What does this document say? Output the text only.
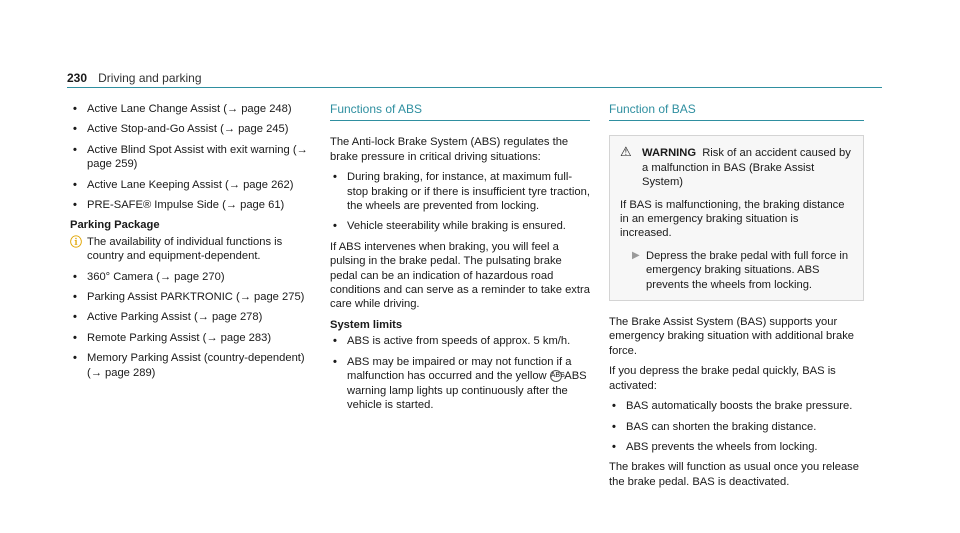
230 Driving and parking
• Active Lane Change Assist (→ page 248)
• Active Stop-and-Go Assist (→ page 245)
• Active Blind Spot Assist with exit warning (→ page 259)
• Active Lane Keeping Assist (→ page 262)
• PRE-SAFE® Impulse Side (→ page 61)
Parking Package
ⓘ The availability of individual functions is country and equipment-dependent.
• 360° Camera (→ page 270)
• Parking Assist PARKTRONIC (→ page 275)
• Active Parking Assist (→ page 278)
• Remote Parking Assist (→ page 283)
• Memory Parking Assist (country-dependent) (→ page 289)
Functions of ABS

The Anti-lock Brake System (ABS) regulates the brake pressure in critical driving situations:

• During braking, for instance, at maximum full-stop braking or if there is insufficient tyre traction, the wheels are prevented from locking.
• Vehicle steerability while braking is ensured.

If ABS intervenes when braking, you will feel a pulsing in the brake pedal. The pulsating brake pedal can be an indication of hazardous road conditions and can serve as a reminder to take extra care while driving.

System limits
• ABS is active from speeds of approx. 5 km/h.
• ABS may be impaired or may not function if a malfunction has occurred and the yellow ABS ABS warning lamp lights up continuously after the vehicle is started.
Function of BAS
⚠ WARNING Risk of an accident caused by a malfunction in BAS (Brake Assist System)

If BAS is malfunctioning, the braking distance in an emergency braking situation is increased.

▶ Depress the brake pedal with full force in emergency braking situations. ABS prevents the wheels from locking.

The Brake Assist System (BAS) supports your emergency braking situation with additional brake force.

If you depress the brake pedal quickly, BAS is activated:

• BAS automatically boosts the brake pressure.
• BAS can shorten the braking distance.
• ABS prevents the wheels from locking.

The brakes will function as usual once you release the brake pedal. BAS is deactivated.
